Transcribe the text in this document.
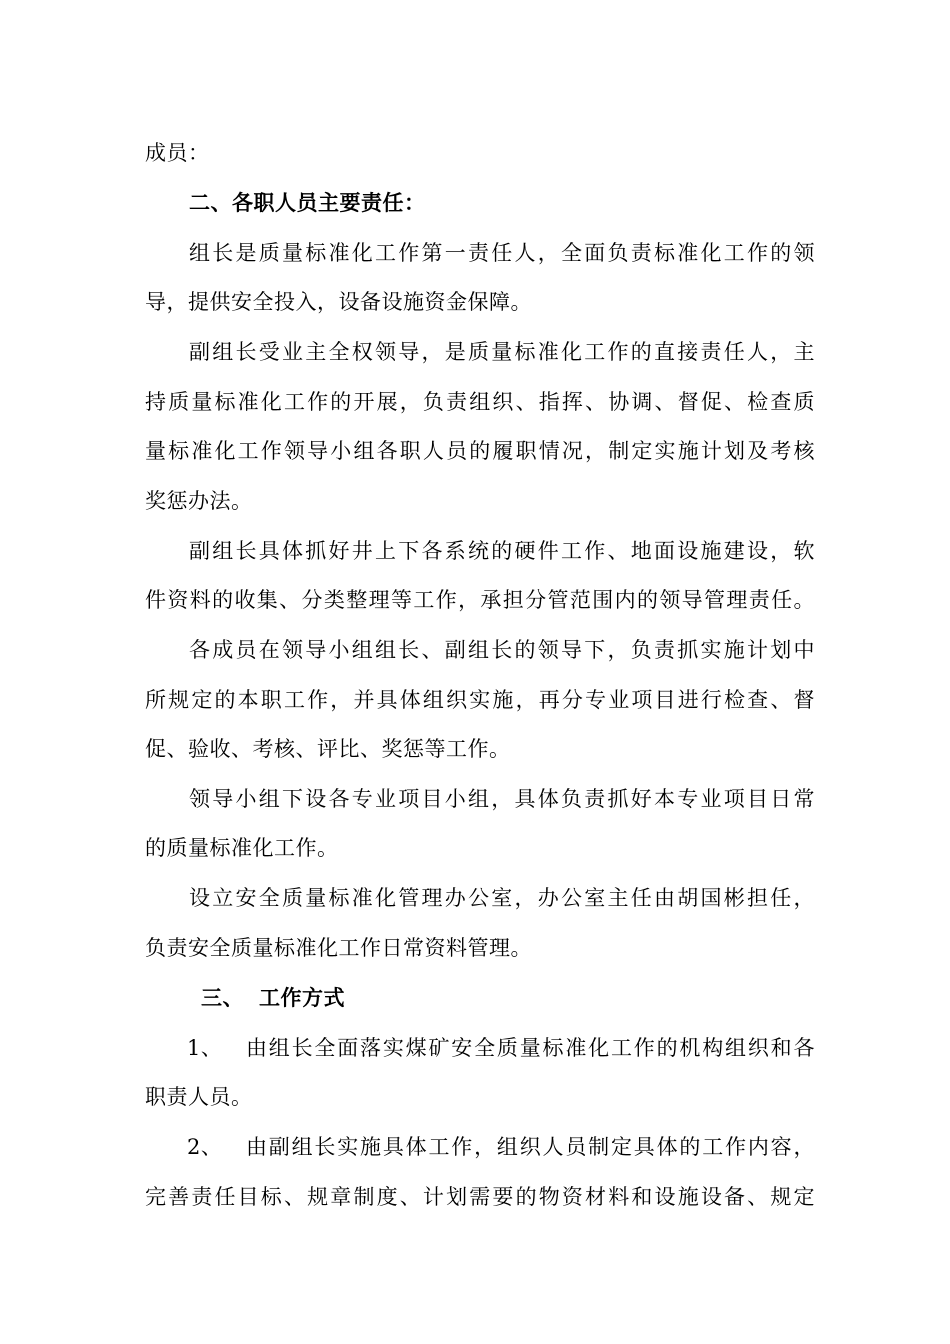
成员：
二、各职人员主要责任：
组长是质量标准化工作第一责任人，全面负责标准化工作的领
导，提供安全投入，设备设施资金保障。
副组长受业主全权领导，是质量标准化工作的直接责任人，主
持质量标准化工作的开展，负责组织、指挥、协调、督促、检查质
量标准化工作领导小组各职人员的履职情况，制定实施计划及考核
奖惩办法。
副组长具体抓好井上下各系统的硬件工作、地面设施建设，软
件资料的收集、分类整理等工作，承担分管范围内的领导管理责任。
各成员在领导小组组长、副组长的领导下，负责抓实施计划中
所规定的本职工作，并具体组织实施，再分专业项目进行检查、督
促、验收、考核、评比、奖惩等工作。
领导小组下设各专业项目小组，具体负责抓好本专业项目日常
的质量标准化工作。
设立安全质量标准化管理办公室，办公室主任由胡国彬担任，
负责安全质量标准化工作日常资料管理。
三、 工作方式
1、 由组长全面落实煤矿安全质量标准化工作的机构组织和各
职责人员。
2、 由副组长实施具体工作，组织人员制定具体的工作内容，
完善责任目标、规章制度、计划需要的物资材料和设施设备、规定
